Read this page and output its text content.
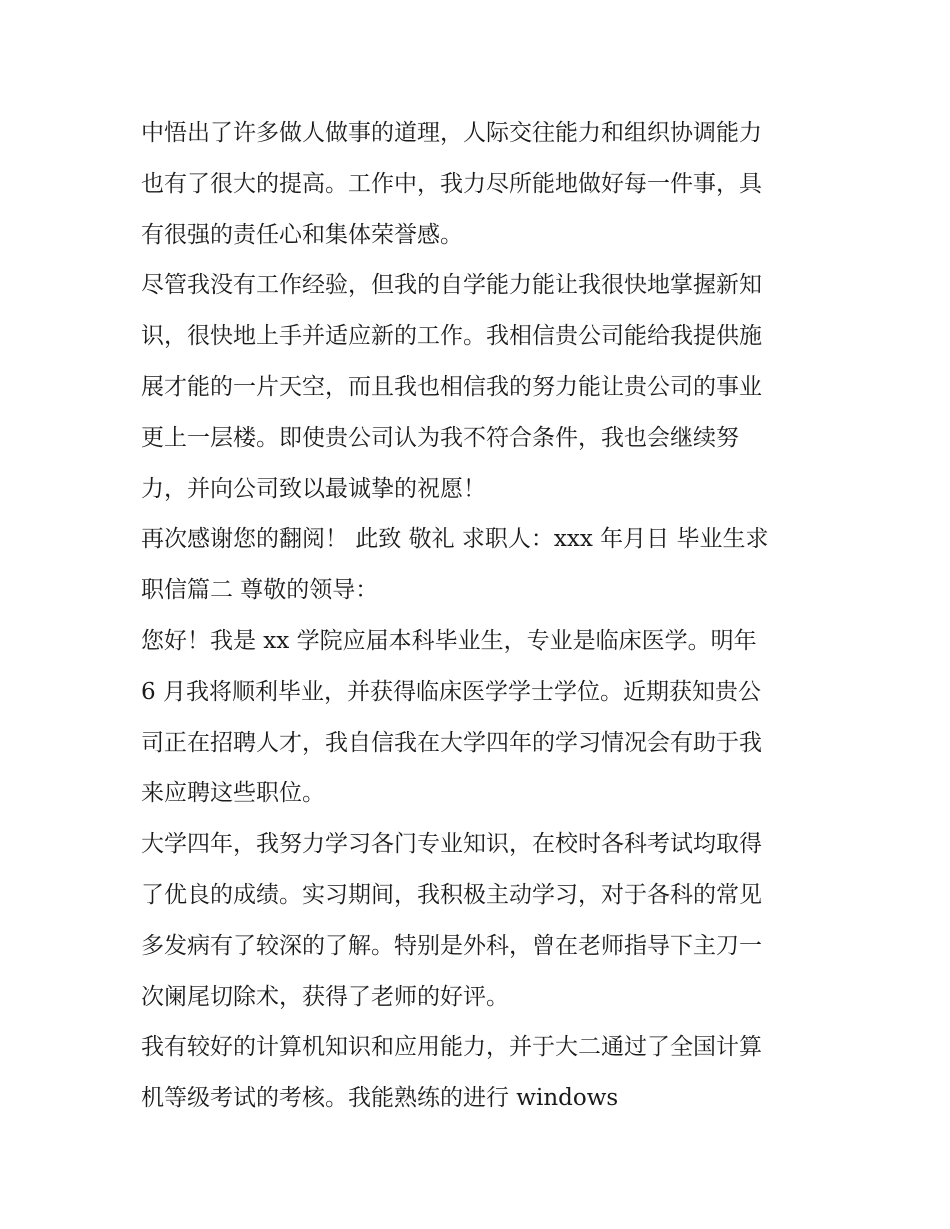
中悟出了许多做人做事的道理，人际交往能力和组织协调能力
也有了很大的提高。工作中，我力尽所能地做好每一件事，具
有很强的责任心和集体荣誉感。
尽管我没有工作经验，但我的自学能力能让我很快地掌握新知
识，很快地上手并适应新的工作。我相信贵公司能给我提供施
展才能的一片天空，而且我也相信我的努力能让贵公司的事业
更上一层楼。即使贵公司认为我不符合条件，我也会继续努
力，并向公司致以最诚挚的祝愿！
再次感谢您的翻阅！ 此致 敬礼 求职人：xxx 年月日 毕业生求
职信篇二 尊敬的领导：
您好！我是 xx 学院应届本科毕业生，专业是临床医学。明年
6 月我将顺利毕业，并获得临床医学学士学位。近期获知贵公
司正在招聘人才，我自信我在大学四年的学习情况会有助于我
来应聘这些职位。
大学四年，我努力学习各门专业知识，在校时各科考试均取得
了优良的成绩。实习期间，我积极主动学习，对于各科的常见
多发病有了较深的了解。特别是外科，曾在老师指导下主刀一
次阑尾切除术，获得了老师的好评。
我有较好的计算机知识和应用能力，并于大二通过了全国计算
机等级考试的考核。我能熟练的进行 windows
